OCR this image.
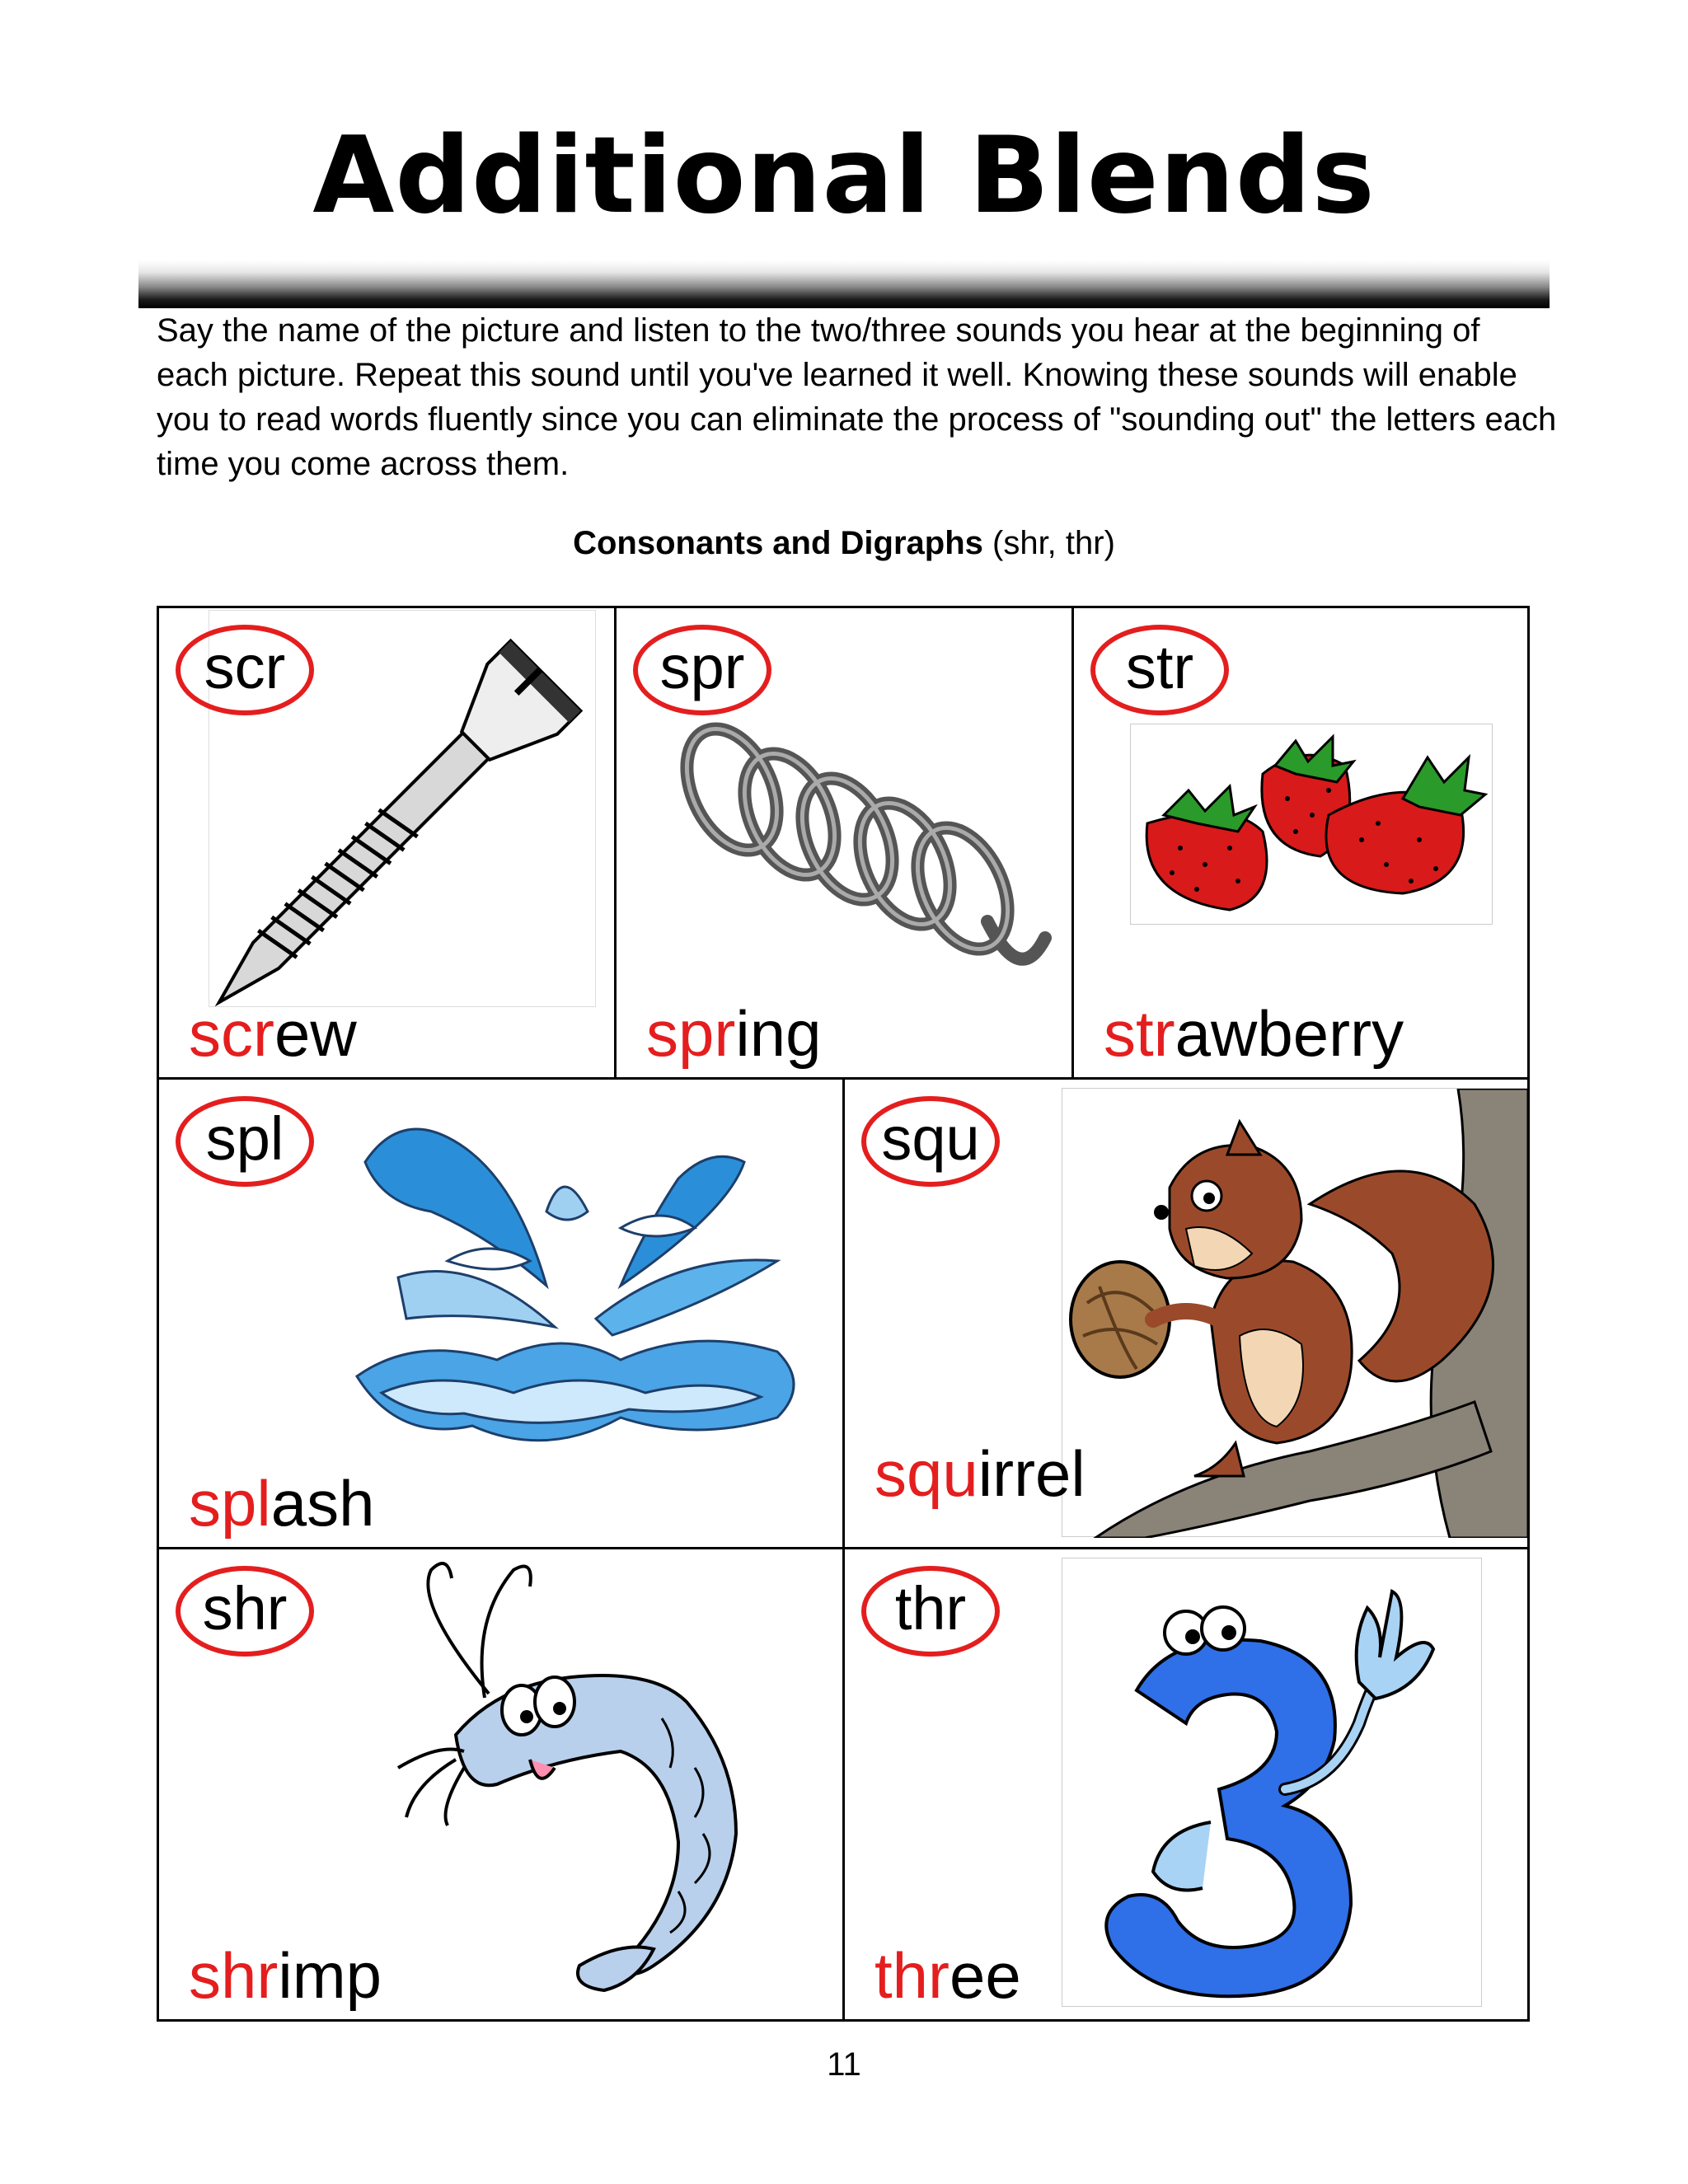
Additional Blends

Say the name of the picture and listen to the two/three sounds you hear at the beginning of each picture. Repeat this sound until you've learned it well. Knowing these sounds will enable you to read words fluently since you can eliminate the process of "sounding out" the letters each time you come across them.

Consonants and Digraphs (shr, thr)

scr
screw
spr
spring
str
strawberry
spl
splash
squ
squirrel
shr
shrimp
thr
three
11
